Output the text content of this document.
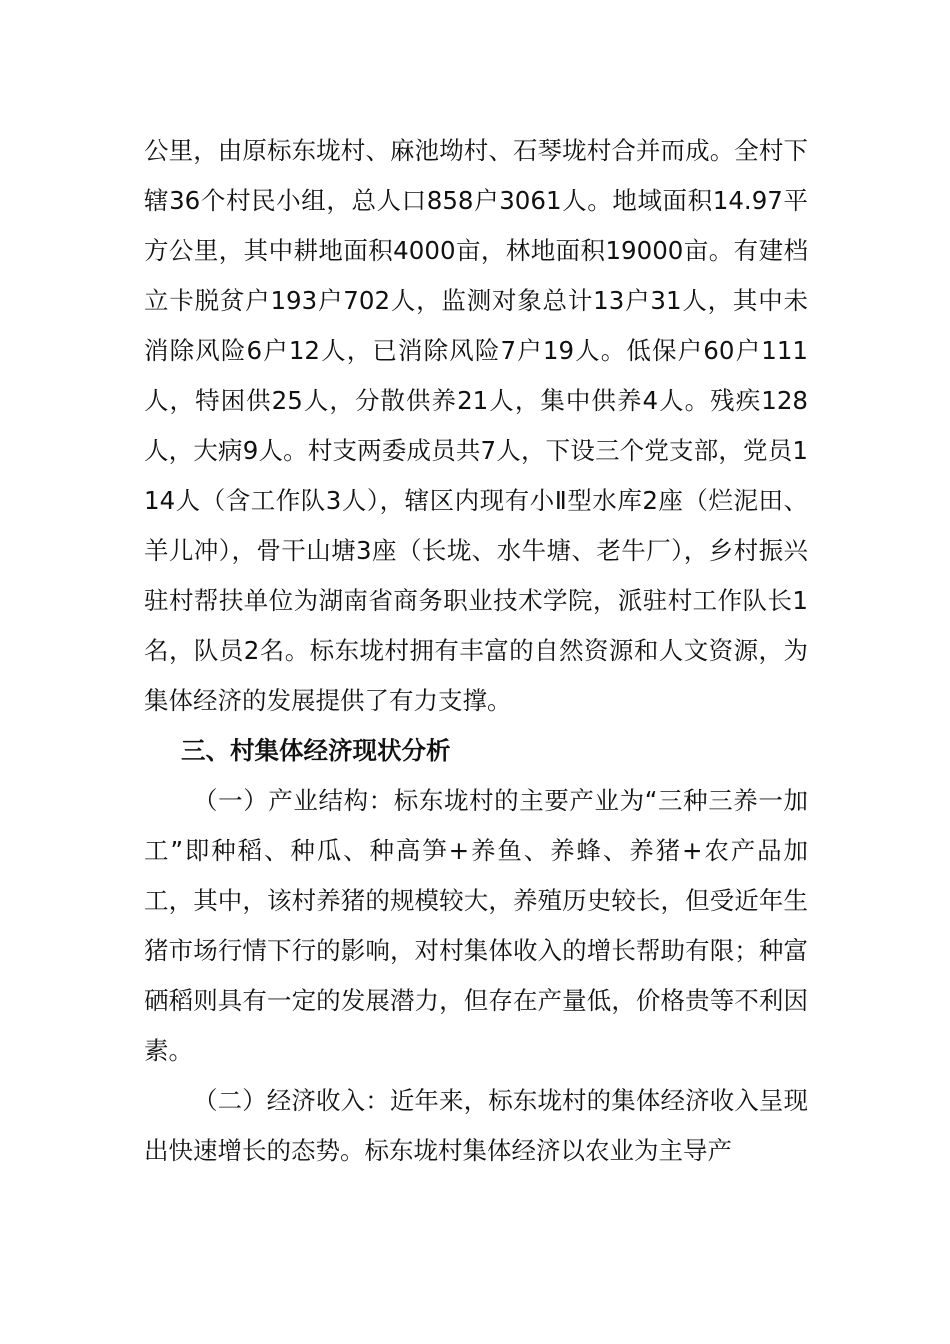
公里，由原标东垅村、麻池坳村、石琴垅村合并而成。全村下辖36个村民小组，总人口858户3061人。地域面积14.97平方公里，其中耕地面积4000亩，林地面积19000亩。有建档立卡脱贫户193户702人，监测对象总计13户31人，其中未消除风险6户12人，已消除风险7户19人。低保户60户111人，特困供25人，分散供养21人，集中供养4人。残疾128人，大病9人。村支两委成员共7人，下设三个党支部，党员114人（含工作队3人），辖区内现有小Ⅱ型水库2座（烂泥田、羊儿冲），骨干山塘3座（长垅、水牛塘、老牛厂），乡村振兴驻村帮扶单位为湖南省商务职业技术学院，派驻村工作队长1名，队员2名。标东垅村拥有丰富的自然资源和人文资源，为集体经济的发展提供了有力支撑。

三、村集体经济现状分析

（一）产业结构：标东垅村的主要产业为“三种三养一加工”即种稻、种瓜、种高笋+养鱼、养蜂、养猪+农产品加工，其中，该村养猪的规模较大，养殖历史较长，但受近年生猪市场行情下行的影响，对村集体收入的增长帮助有限；种富硒稻则具有一定的发展潜力，但存在产量低，价格贵等不利因素。

（二）经济收入：近年来，标东垅村的集体经济收入呈现出快速增长的态势。标东垅村集体经济以农业为主导产
